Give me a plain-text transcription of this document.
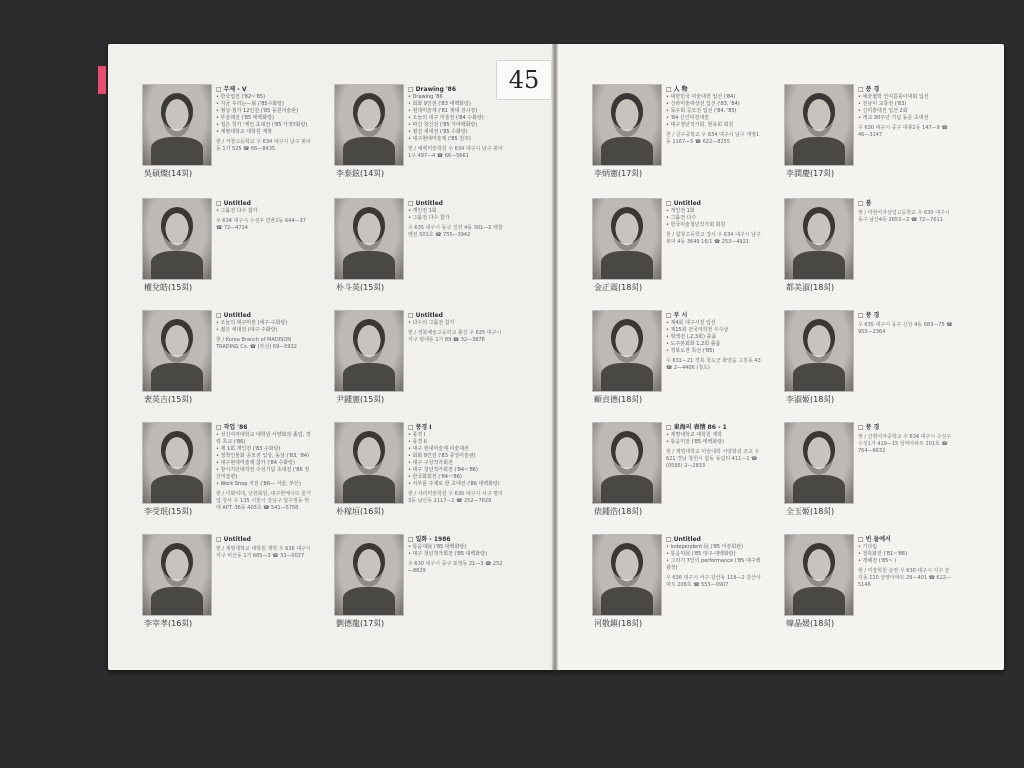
45
吳碩燦(14회)
□ 무제 - V
• 한국입전 ('82~'85)
• 지금 우리는—展 ('85수화랑)
• 형상·점가 12인전 ('85 동원미술관)
• 부울레전 ('85 태백화랑)
• 접은 착가 '계인 초대전 ('85 가정Y화랑)
• 계명대학교 대학원 재학
현 / 거창고등학교 우 634 대구시 남구 봉덕동 1가 525 ☎ 66—8435
李泰鉉(14회)
□ Drawing '86
• Drawing '86
• 회화 9인전 ('83 대백화랑)
• 현대미술제 ('81 계대 전시장)
• 오늘의 대구 미술전 ('84 수화랑)
• 마신 창신전 ('85 가야백화랑)
• 절친 새대전 ('85 수화랑)
• 대구현대미술제 ('85 전주)
현 / 예백미술학원 우 634 대구시 남구 봉덕1구 497—4 ☎ 66—5661
權兌皓(15회)
□ Untitled
• 그룹전 다수 참가
우 634 대구시 수성구 만촌1동 644—37 ☎ 72—4724
朴斗英(15회)
□ Untitled
• 개인전 1회
• 그룹전 다수 참가
우 635 대구시 동구 진전 4동 301—2 백합맨션 501호 ☎ 755—3942
裵英吉(15회)
□ Untitled
• 오늘의 대구미술 (대구·수화랑)
• 젊은 세대전 (대구·수화랑)
현 / Korea Branch of MADISON TRADING Co. ☎ (부산) 69—5932
尹鍾憲(15회)
□ Untitled
• 다수의 그룹전 참가
현 / 경북예술고등학교 졸강 우 635 대구시 서구 평대동 1가 89 ☎ 32—3878
李受珉(15회)
□ 작업 '86
• 성신여자대학교 대학원 서양화과 졸업, 경력 초교 ('86)
• 제 1회 개인전 ('83 수화랑)
• 청착인물화 공모전 입상, 동상 ('83, '84)
• 대구현대미술제 참가 ('84 수화랑)
• 창시기년대작전 수성기념 초대전 ('86 정신미술관)
• Work Shop 지전 ('86— 서울, 부산)
현 / 이화여대, 난원화원, 대구한메이뜨 울기업 강사 우 135 서울시 강남구 압구정동 현대 APT. 36동 403호 ☎ 541—5758	朴稼垣(16회)
□ 풍경 I
• 풍경 I
• 풍경 II
• 대구 현대미술제 미술대전
• 회화 9인전 ('83 중앙미술관)
• 대구 구상작가회전
• 대구 청년작가회전 ('84~'86)
• 한국화회전 ('84~'86)
• 서부를 주제로 한 초대전 ('86 대백화랑)
현 / 샤리미술학원 우 630 대구시 서구 평리3동 남산동 2117—1 ☎ 252—7629
李宰孝(16회)
□ Untitled
현 / 계명대학교 대학원 재학 우 636 대구시 서구 비산동 1가 685—3 ☎ 33—0027
劉德龍(17회)
□ 일화 - 1986
• 통음대展 ('85 대백화랑)
• 대구 청년작가회전 ('85 대백화랑)
우 630 대구시 중구 포정동 21—3 ☎ 252—8829
李炳憲(17회)
□ 人 物
• 대한민국 미술대전 입선 ('84)
• 신라미술대상전 입선 ('83, '84)
• 목우회 공모전 입선 ('84, '85)
• '84 신인미전대전
• 대구청년작가회, 현유회 회원
현 / 금구중학교 우 634 대구시 남구 대명1동 1167—5 ☎ 622—8255
李潤慶(17회)
□ 풍 경
• 예술협학 인여름풍이대회 입선
• 천남미 교룡전 ('83)
• 신미술대전 입선 2회
• 개교 30주년 기념 동문 초대전
우 630 대구시 중구 대봉2동 147—9 ☎ 46—3147
金正震(18회)
□ Untitled
• 개인전 1회
• 그룹전 다수
• 한국미술청년작가회 회원
현 / 함창고등학교 강사 우 634 대구시 남구 봉덕 4동 3649 16/1 ☎ 253—4921
都美淑(18회)
□ 봄
현 / 미현여자상업고등학교 우 630 대구시 동구 남산4동 2653—2 ☎ 72—7611
顧貞德(18회)
□ 부 시
• 제4회 대구시전 입선
• 제15회 전국여학전 우수상
• 형액전 (,2,3회) 출품
• 도주본회화 1,2회 출품
• 경북도전 특선 ('85)
우 631—21 경북 청도군 화양읍 고흥동 43 ☎ 2—4406 (청도)
李淑姬(18회)
□ 풍 경
우 635 대구시 동구 신암 4동 683—75 ☎ 953—2364
俵鍾浩(18회)
□ 東海의 表情 86 - 1
• 계명대학교 대학원 재학
• 통음미전 ('85 태백화랑)
현 / 계명대학교 미술대학 서양화과 조교 우 621 경남 창원시 함동 동림리 411—1 ☎ (0595) 2—2833
全玉姬(18회)
□ 풍 경
현 / 신평여자중학교 우 634 대구시 수성구 수성1가 419—15 상막아파트 201호 ☎ 764—6632
河敬鎭(18회)
□ Untitled
• Independent 展 ('85 미술회관)
• 통음미展 ('85 대구·대백화랑)
• 그리기 7인의 performance ('85 대구백 광장)
우 636 대구시 서구 갈산동 118—2 갈산아파트 208호 ☎ 553—0907
韓晶媛(18회)
□ 빈 들에서
• 기다림
• 청록화전 ('81~'86)
• 개헤전 ('85~ )
현 / 미술학원 운영 우 630 대구시 서구 본리동 110 삼양아파트 29—401 ☎ 622—5146
